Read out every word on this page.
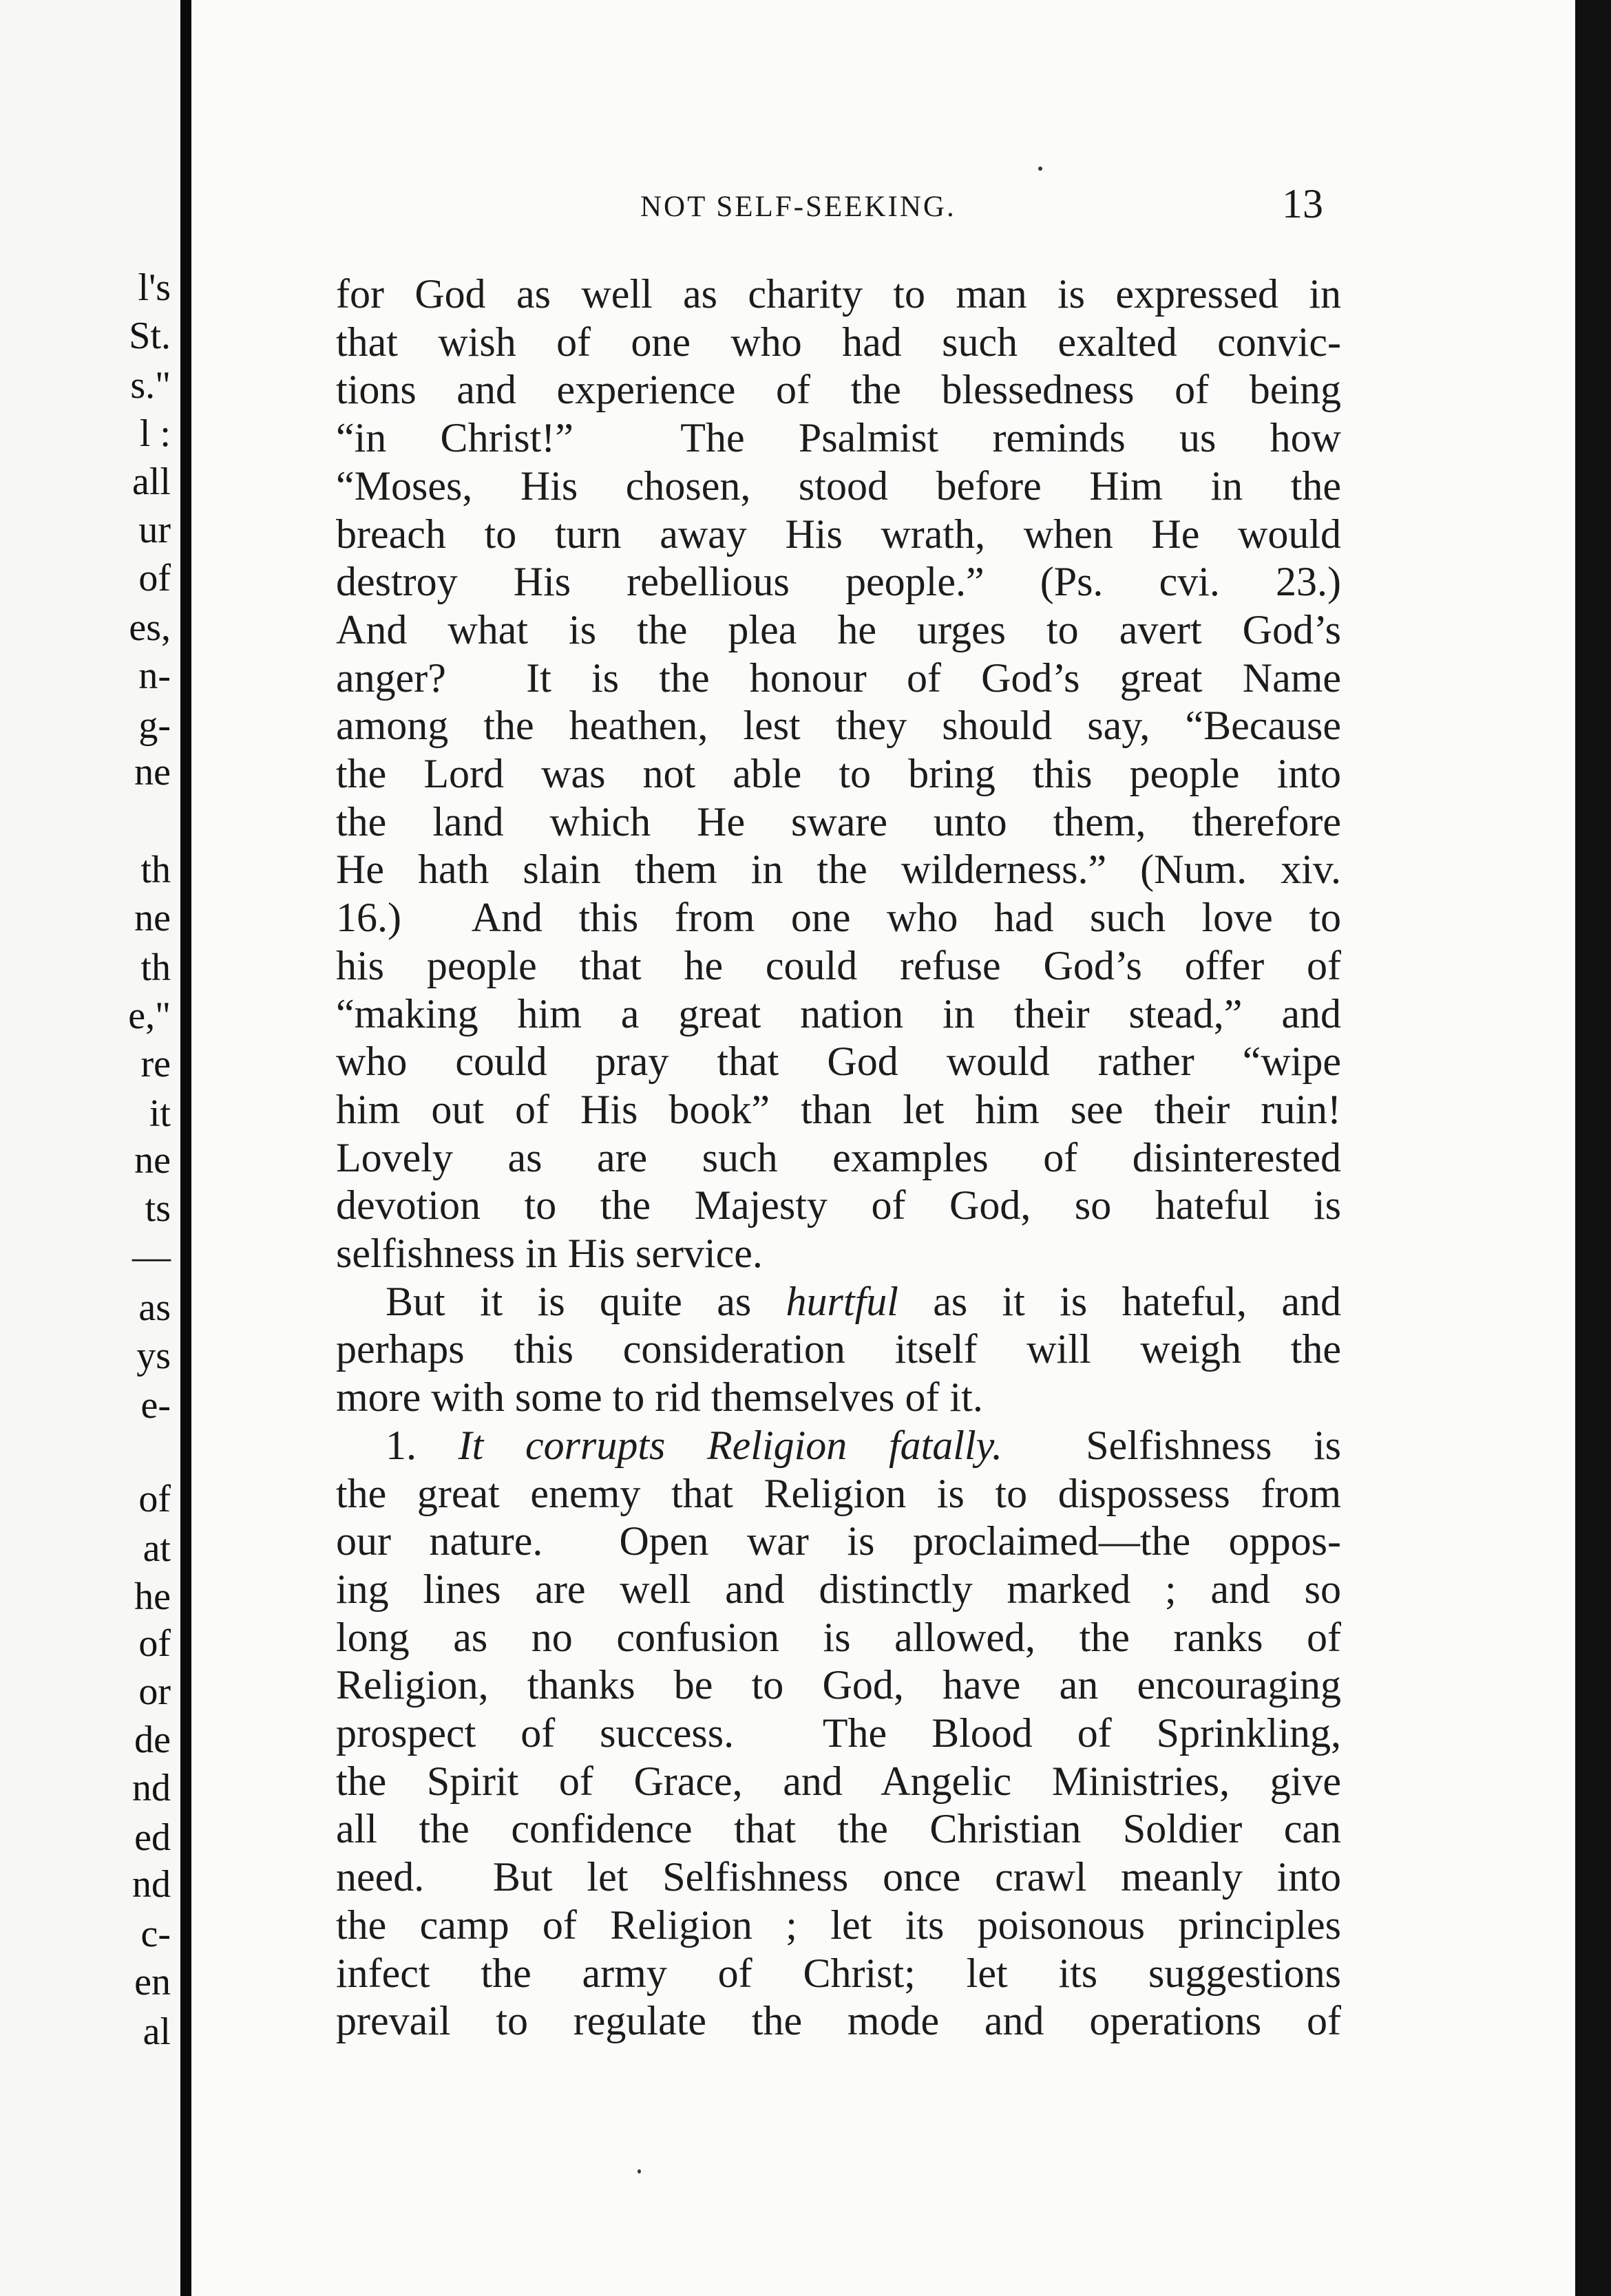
l's
St.
s."
l :
all
ur
of
es,
n-
g-
ne
th
ne
th
e,"
re
it
ne
ts
—
as
ys
e-
of
at
he
of
or
de
nd
ed
nd
c-
en
al
NOT SELF-SEEKING.	13
for God as well as charity to man is expressed in
that wish of one who had such exalted convic-
tions and experience of the blessedness of being
“in Christ!”  The Psalmist reminds us how
“Moses, His chosen, stood before Him in the
breach to turn away His wrath, when He would
destroy His rebellious people.” (Ps. cvi. 23.)
And what is the plea he urges to avert God’s
anger?  It is the honour of God’s great Name
among the heathen, lest they should say, “Because
the Lord was not able to bring this people into
the land which He sware unto them, therefore
He hath slain them in the wilderness.” (Num. xiv.
16.)  And this from one who had such love to
his people that he could refuse God’s offer of
“making him a great nation in their stead,” and
who could pray that God would rather “wipe
him out of His book” than let him see their ruin!
Lovely as are such examples of disinterested
devotion to the Majesty of God, so hateful is
selfishness in His service.
But it is quite as hurtful as it is hateful, and
perhaps this consideration itself will weigh the
more with some to rid themselves of it.
1. It corrupts Religion fatally.  Selfishness is
the great enemy that Religion is to dispossess from
our nature.  Open war is proclaimed—the oppos-
ing lines are well and distinctly marked ; and so
long as no confusion is allowed, the ranks of
Religion, thanks be to God, have an encouraging
prospect of success.  The Blood of Sprinkling,
the Spirit of Grace, and Angelic Ministries, give
all the confidence that the Christian Soldier can
need.  But let Selfishness once crawl meanly into
the camp of Religion ; let its poisonous principles
infect the army of Christ; let its suggestions
prevail to regulate the mode and operations of
